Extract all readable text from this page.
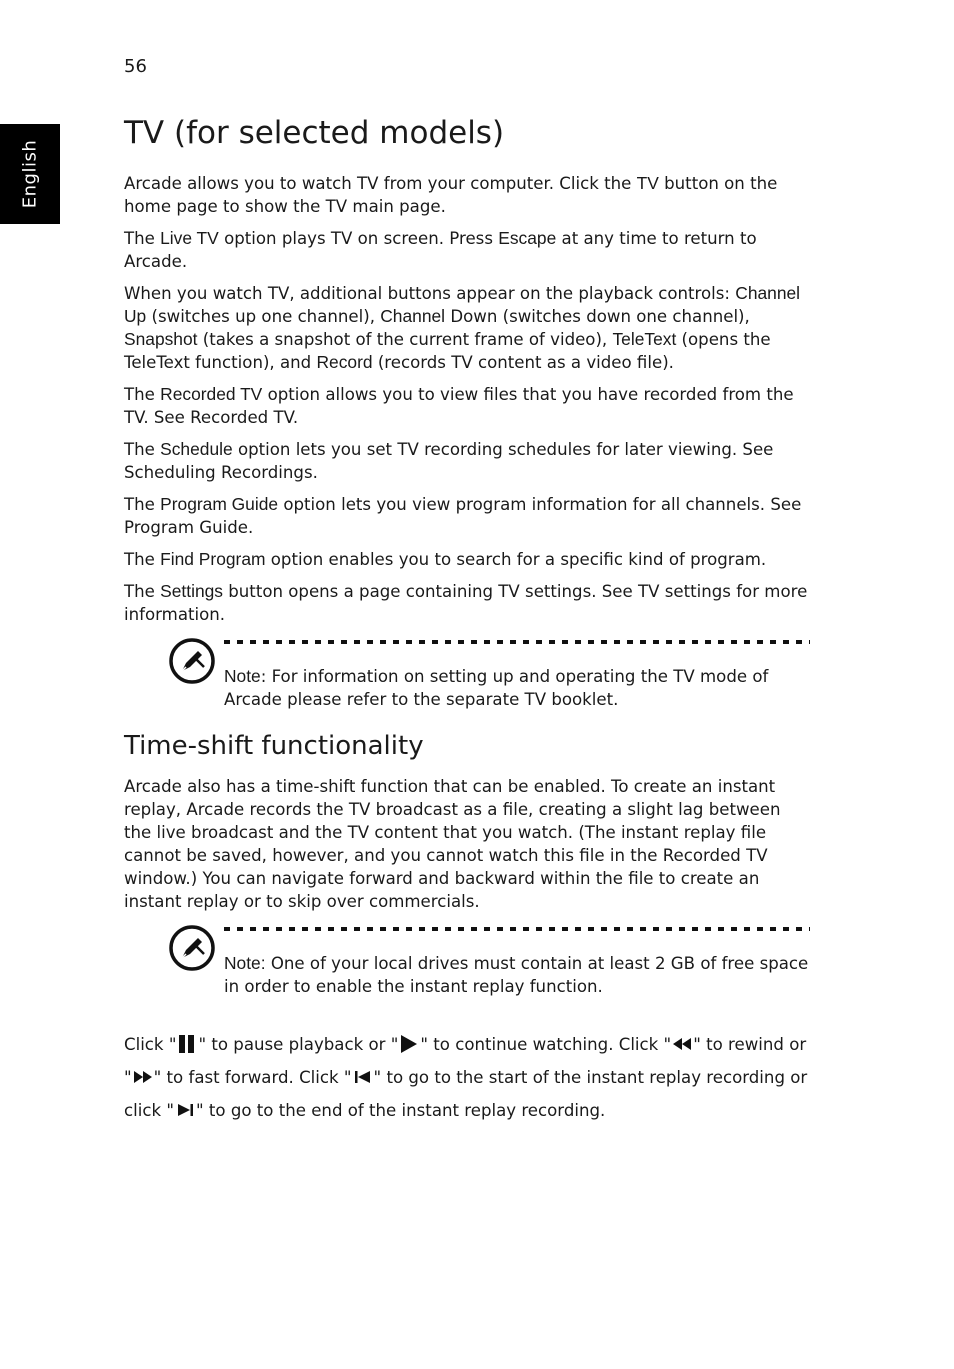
56
English
TV (for selected models)

Arcade allows you to watch TV from your computer. Click the TV button on the home page to show the TV main page.

The Live TV option plays TV on screen. Press Escape at any time to return to Arcade.

When you watch TV, additional buttons appear on the playback controls: Channel Up (switches up one channel), Channel Down (switches down one channel), Snapshot (takes a snapshot of the current frame of video), TeleText (opens the TeleText function), and Record (records TV content as a video file).

The Recorded TV option allows you to view files that you have recorded from the TV. See Recorded TV.

The Schedule option lets you set TV recording schedules for later viewing. See Scheduling Recordings.

The Program Guide option lets you view program information for all channels. See Program Guide.

The Find Program option enables you to search for a specific kind of program.

The Settings button opens a page containing TV settings. See TV settings for more information.

Note: For information on setting up and operating the TV mode of Arcade please refer to the separate TV booklet.

Time-shift functionality

Arcade also has a time-shift function that can be enabled. To create an instant replay, Arcade records the TV broadcast as a file, creating a slight lag between the live broadcast and the TV content that you watch. (The instant replay file cannot be saved, however, and you cannot watch this file in the Recorded TV window.) You can navigate forward and backward within the file to create an instant replay or to skip over commercials.

Note: One of your local drives must contain at least 2 GB of free space in order to enable the instant replay function.

Click " " to pause playback or " " to continue watching. Click " " to rewind or " " to fast forward. Click " " to go to the start of the instant replay recording or click " " to go to the end of the instant replay recording.
